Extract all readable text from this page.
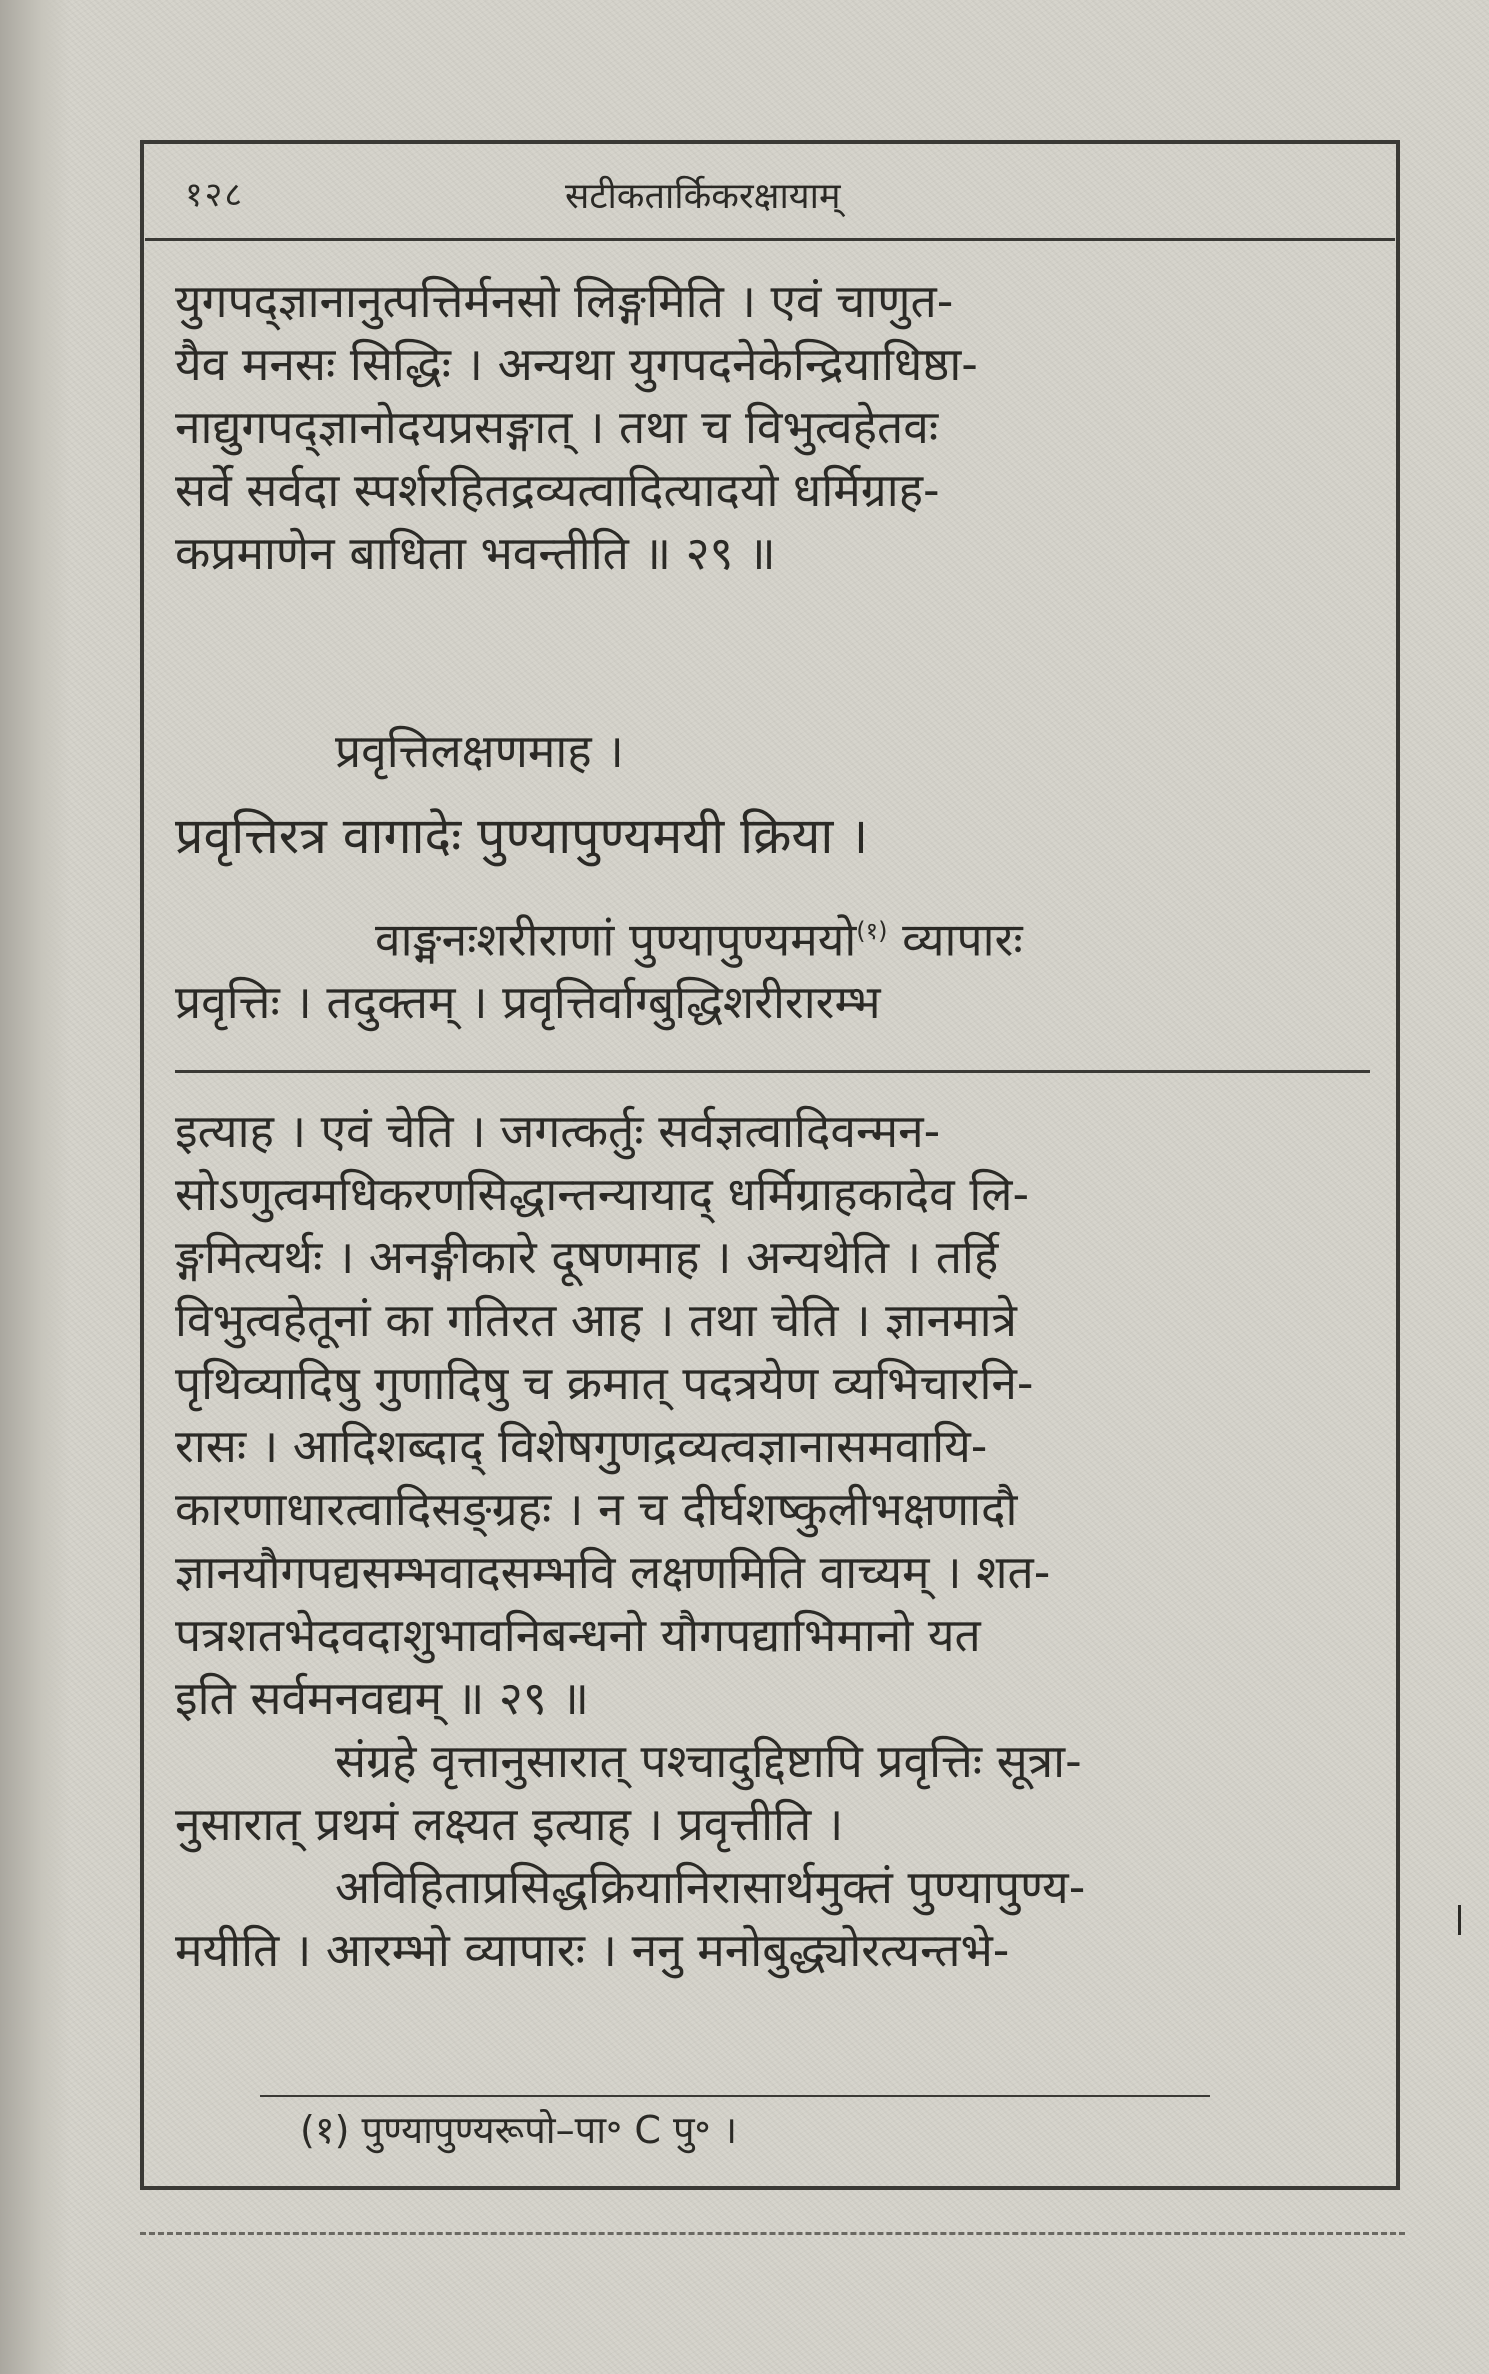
१२८	सटीकतार्किकरक्षायाम्
युगपद्ज्ञानानुत्पत्तिर्मनसो लिङ्गमिति । एवं चाणुत-
यैव मनसः सिद्धिः । अन्यथा युगपदनेकेन्द्रियाधिष्ठा-
नाद्युगपद्ज्ञानोदयप्रसङ्गात् । तथा च विभुत्वहेतवः
सर्वे सर्वदा स्पर्शरहितद्रव्यत्वादित्यादयो धर्मिग्राह-
कप्रमाणेन बाधिता भवन्तीति ॥ २९ ॥
प्रवृत्तिलक्षणमाह ।
प्रवृत्तिरत्र वागादेः पुण्यापुण्यमयी क्रिया ।
वाङ्मनःशरीराणां पुण्यापुण्यमयो$^{(१)}$ व्यापारः
प्रवृत्तिः । तदुक्तम् । प्रवृत्तिर्वाग्बुद्धिशरीरारम्भ
इत्याह । एवं चेति । जगत्कर्तुः सर्वज्ञत्वादिवन्मन-
सोऽणुत्वमधिकरणसिद्धान्तन्यायाद् धर्मिग्राहकादेव लि-
ङ्गमित्यर्थः । अनङ्गीकारे दूषणमाह । अन्यथेति । तर्हि
विभुत्वहेतूनां का गतिरत आह । तथा चेति । ज्ञानमात्रे
पृथिव्यादिषु गुणादिषु च क्रमात् पदत्रयेण व्यभिचारनि-
रासः । आदिशब्दाद् विशेषगुणद्रव्यत्वज्ञानासमवायि-
कारणाधारत्वादिसङ्ग्रहः । न च दीर्घशष्कुलीभक्षणादौ
ज्ञानयौगपद्यसम्भवादसम्भवि लक्षणमिति वाच्यम् । शत-
पत्रशतभेदवदाशुभावनिबन्धनो यौगपद्याभिमानो यत
इति सर्वमनवद्यम् ॥ २९ ॥
संग्रहे वृत्तानुसारात् पश्चादुद्दिष्टापि प्रवृत्तिः सूत्रा-
नुसारात् प्रथमं लक्ष्यत इत्याह । प्रवृत्तीति ।
अविहिताप्रसिद्धक्रियानिरासार्थमुक्तं पुण्यापुण्य-
मयीति । आरम्भो व्यापारः । ननु मनोबुद्ध्योरत्यन्तभे-
(१) पुण्यापुण्यरूपो–पा॰ C पु॰ ।
